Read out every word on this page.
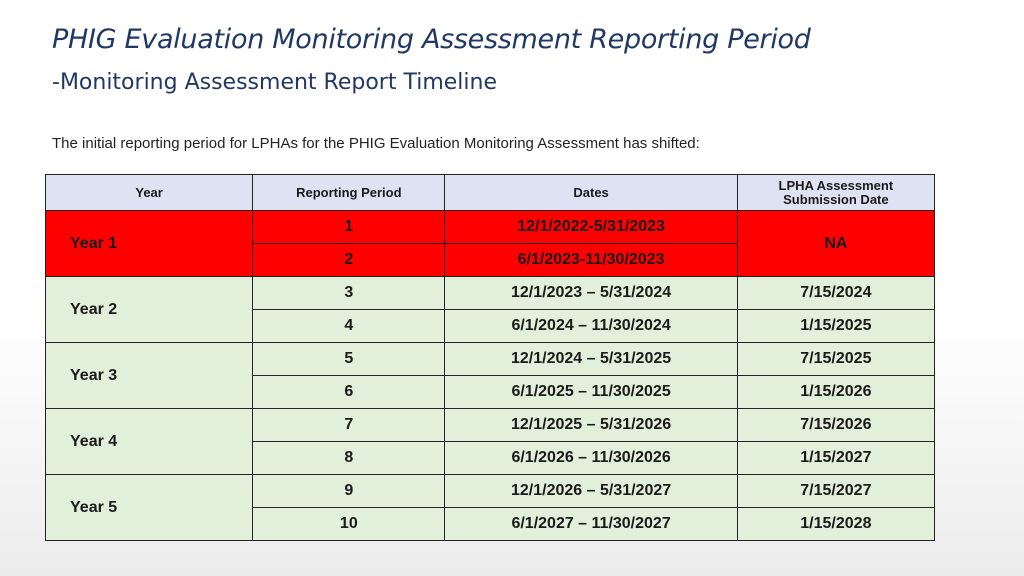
PHIG Evaluation Monitoring Assessment Reporting Period
-Monitoring Assessment Report Timeline
The initial reporting period for LPHAs for the PHIG Evaluation Monitoring Assessment has shifted:
Year	Reporting Period	Dates	LPHA Assessment Submission Date
Year 1	1	12/1/2022-5/31/2023	NA
	2	6/1/2023-11/30/2023	
Year 2	3	12/1/2023 – 5/31/2024	7/15/2024
	4	6/1/2024 – 11/30/2024	1/15/2025
Year 3	5	12/1/2024 – 5/31/2025	7/15/2025
	6	6/1/2025 – 11/30/2025	1/15/2026
Year 4	7	12/1/2025 – 5/31/2026	7/15/2026
	8	6/1/2026 – 11/30/2026	1/15/2027
Year 5	9	12/1/2026 – 5/31/2027	7/15/2027
	10	6/1/2027 – 11/30/2027	1/15/2028
